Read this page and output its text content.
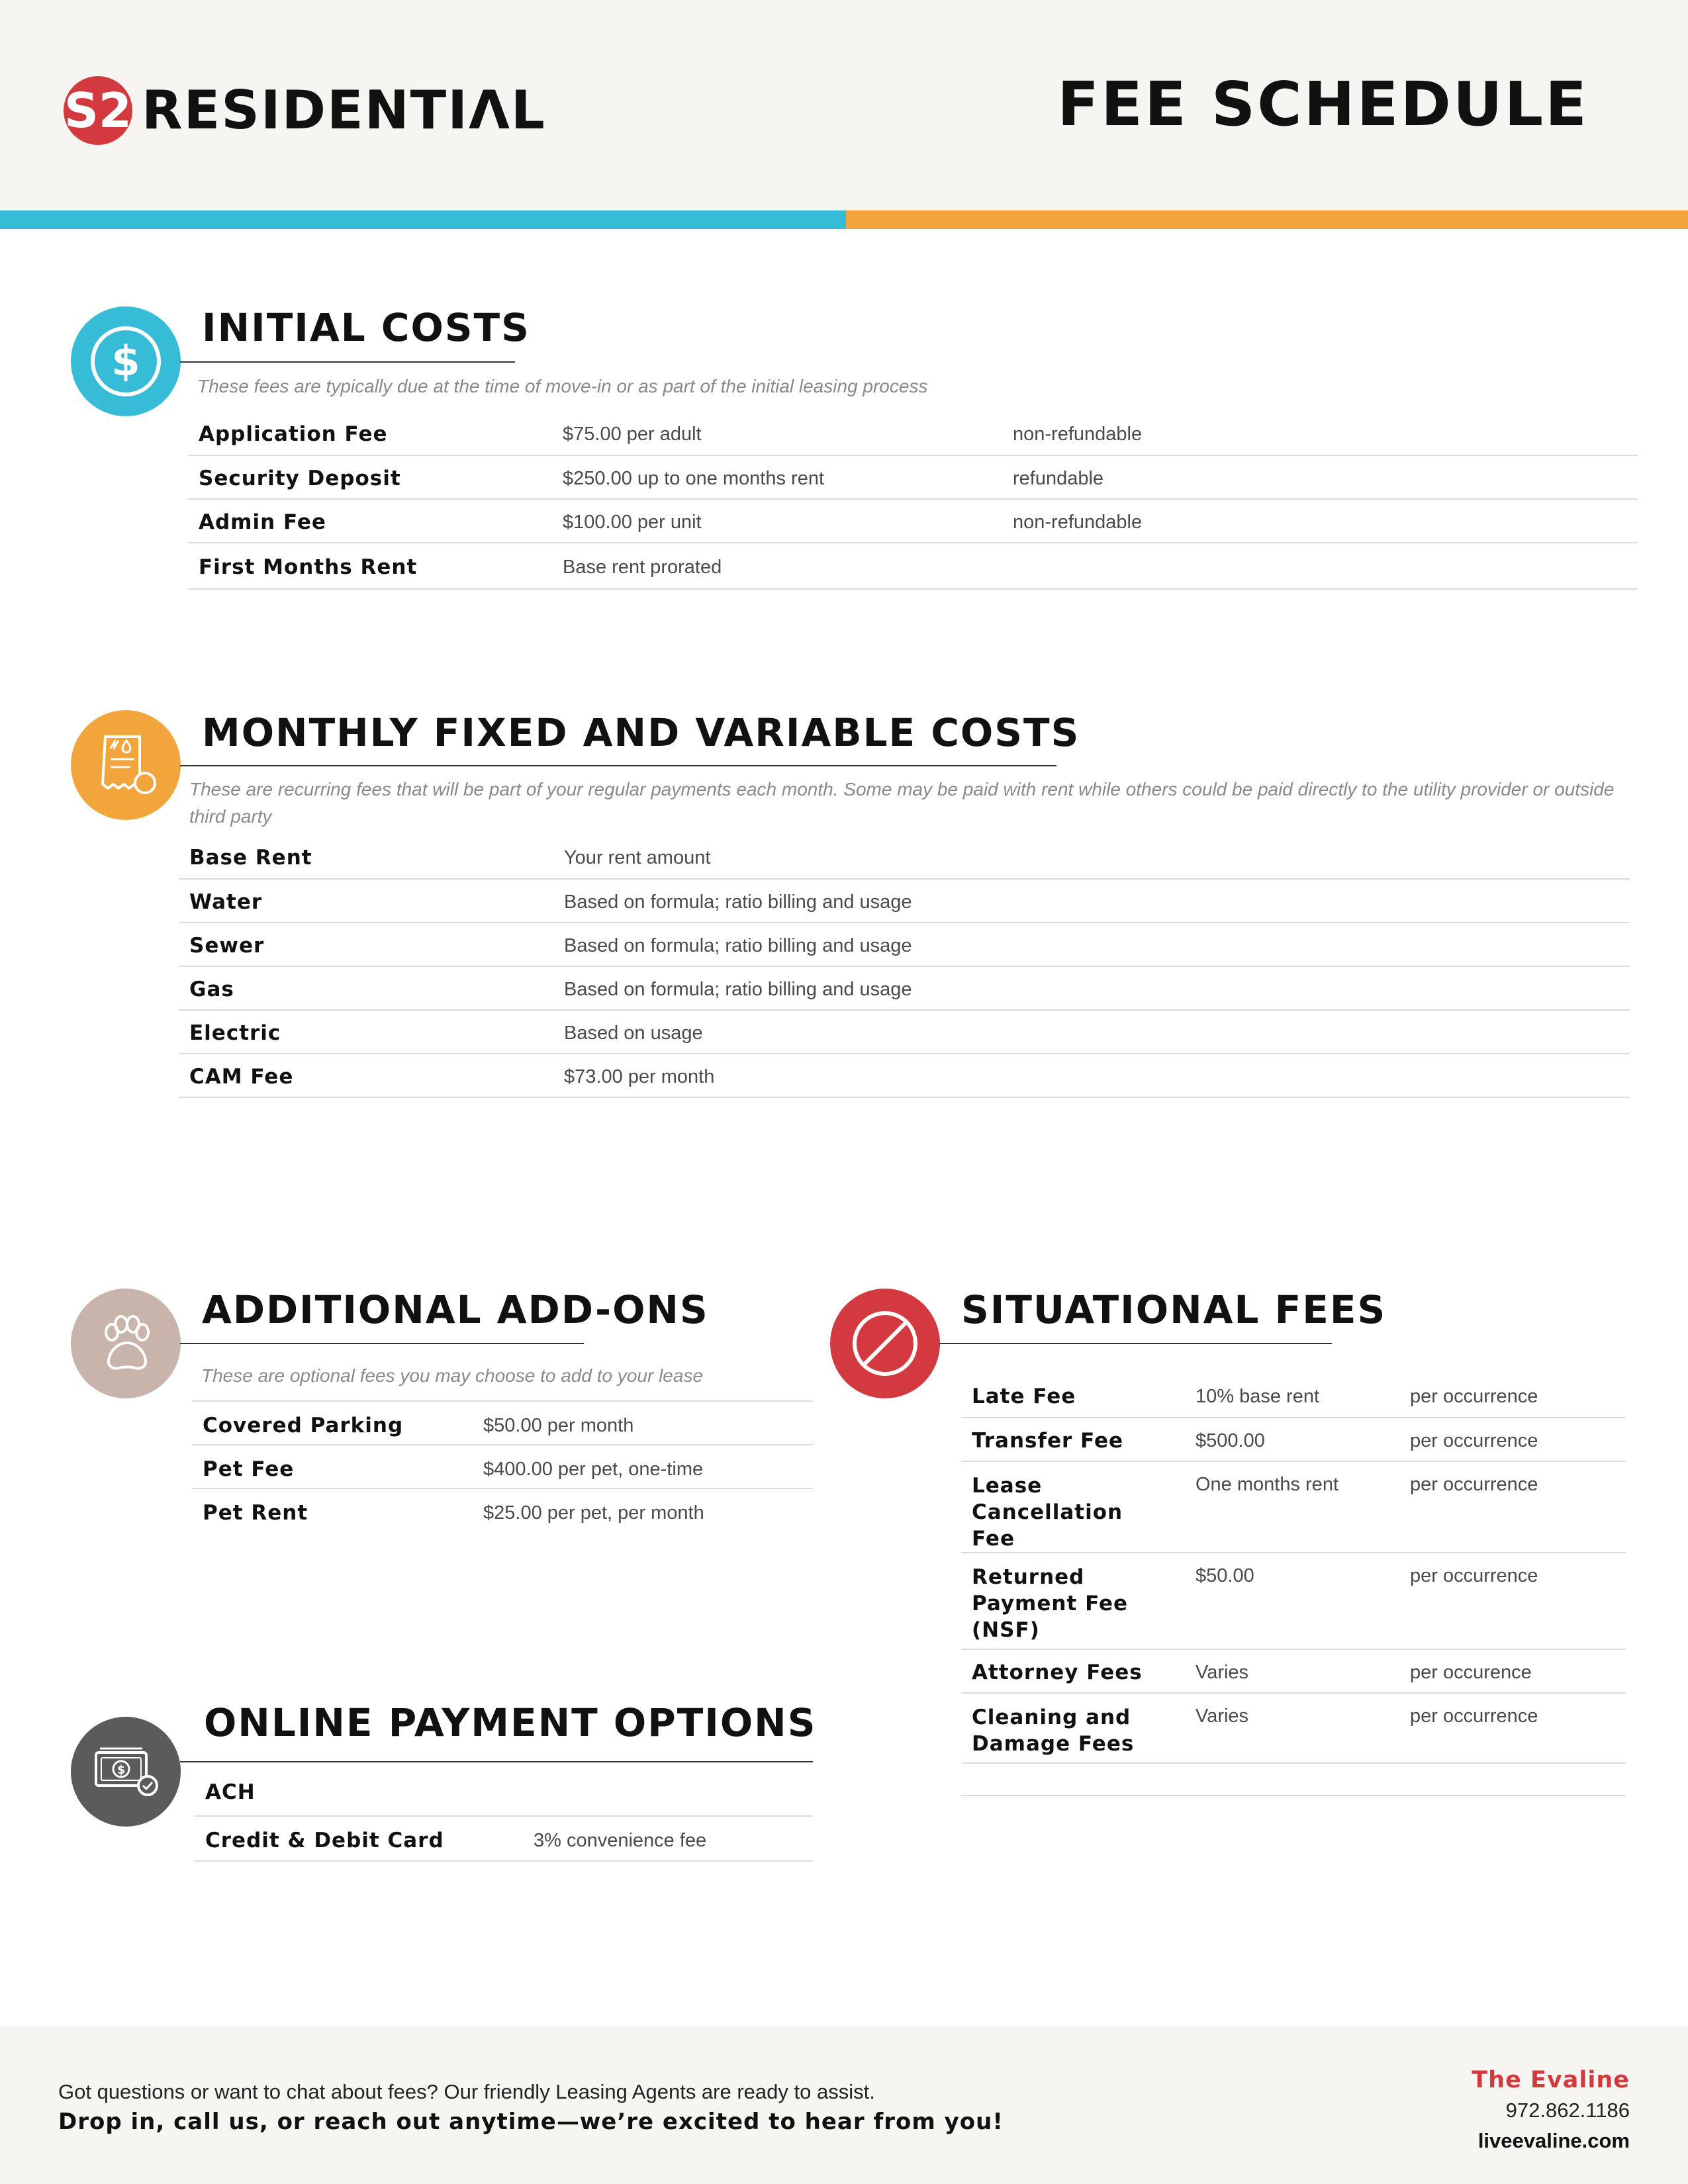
S2 RESIDENTIΛL	FEE SCHEDULE
$
INITIAL COSTS
These fees are typically due at the time of move-in or as part of the initial leasing process
Application Fee	$75.00 per adult	non-refundable
Security Deposit	$250.00 up to one months rent	refundable
Admin Fee	$100.00 per unit	non-refundable
First Months Rent	Base rent prorated	
MONTHLY FIXED AND VARIABLE COSTS
These are recurring fees that will be part of your regular payments each month. Some may be paid with rent while others could be paid directly to the utility provider or outside third party
Base Rent	Your rent amount
Water	Based on formula; ratio billing and usage
Sewer	Based on formula; ratio billing and usage
Gas	Based on formula; ratio billing and usage
Electric	Based on usage
CAM Fee	$73.00 per month
ADDITIONAL ADD-ONS
These are optional fees you may choose to add to your lease
Covered Parking	$50.00 per month
Pet Fee	$400.00 per pet, one-time
Pet Rent	$25.00 per pet, per month
SITUATIONAL FEES
Late Fee	10% base rent	per occurrence
Transfer Fee	$500.00	per occurrence
Lease Cancellation Fee	One months rent	per occurrence
Returned Payment Fee (NSF)	$50.00	per occurrence
Attorney Fees	Varies	per occurence
Cleaning and Damage Fees	Varies	per occurrence
$
ONLINE PAYMENT OPTIONS
ACH	
Credit & Debit Card	3% convenience fee
Got questions or want to chat about fees? Our friendly Leasing Agents are ready to assist.
Drop in, call us, or reach out anytime—we’re excited to hear from you!
The Evaline
972.862.1186
liveevaline.com
